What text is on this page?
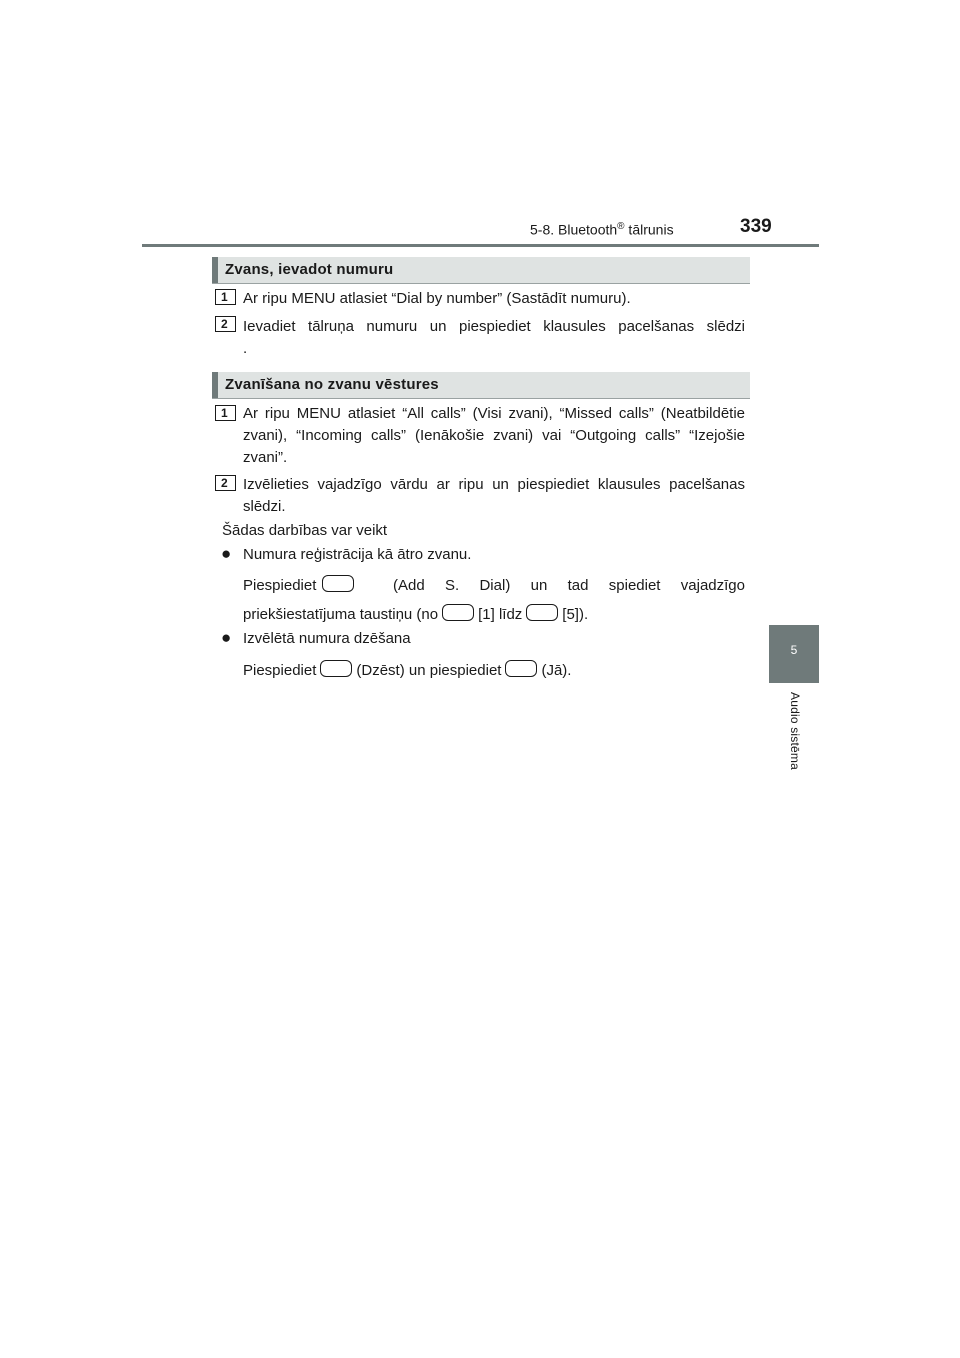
5-8. Bluetooth® tālrunis	339
5
Audio sistēma
Zvans, ievadot numuru
1	Ar ripu MENU atlasiet “Dial by number” (Sastādīt numuru).
2	Ievadiet tālruņa numuru un piespiediet klausules pacelšanas slēdzi
.
Zvanīšana no zvanu vēstures
1	Ar ripu MENU atlasiet “All calls” (Visi zvani), “Missed calls” (Neatbildētie zvani), “Incoming calls” (Ienākošie zvani) vai “Outgoing calls” “Izejošie zvani”.
2	Izvēlieties vajadzīgo vārdu ar ripu un piespiediet klausules pacelšanas slēdzi.
Šādas darbības var veikt
● Numura reģistrācija kā ātro zvanu.
Piespiediet	(Add S. Dial) un tad spiediet vajadzīgo
priekšiestatījuma taustiņu (no	[1] līdz	[5]).
● Izvēlētā numura dzēšana
Piespiediet	(Dzēst) un piespiediet	(Jā).
